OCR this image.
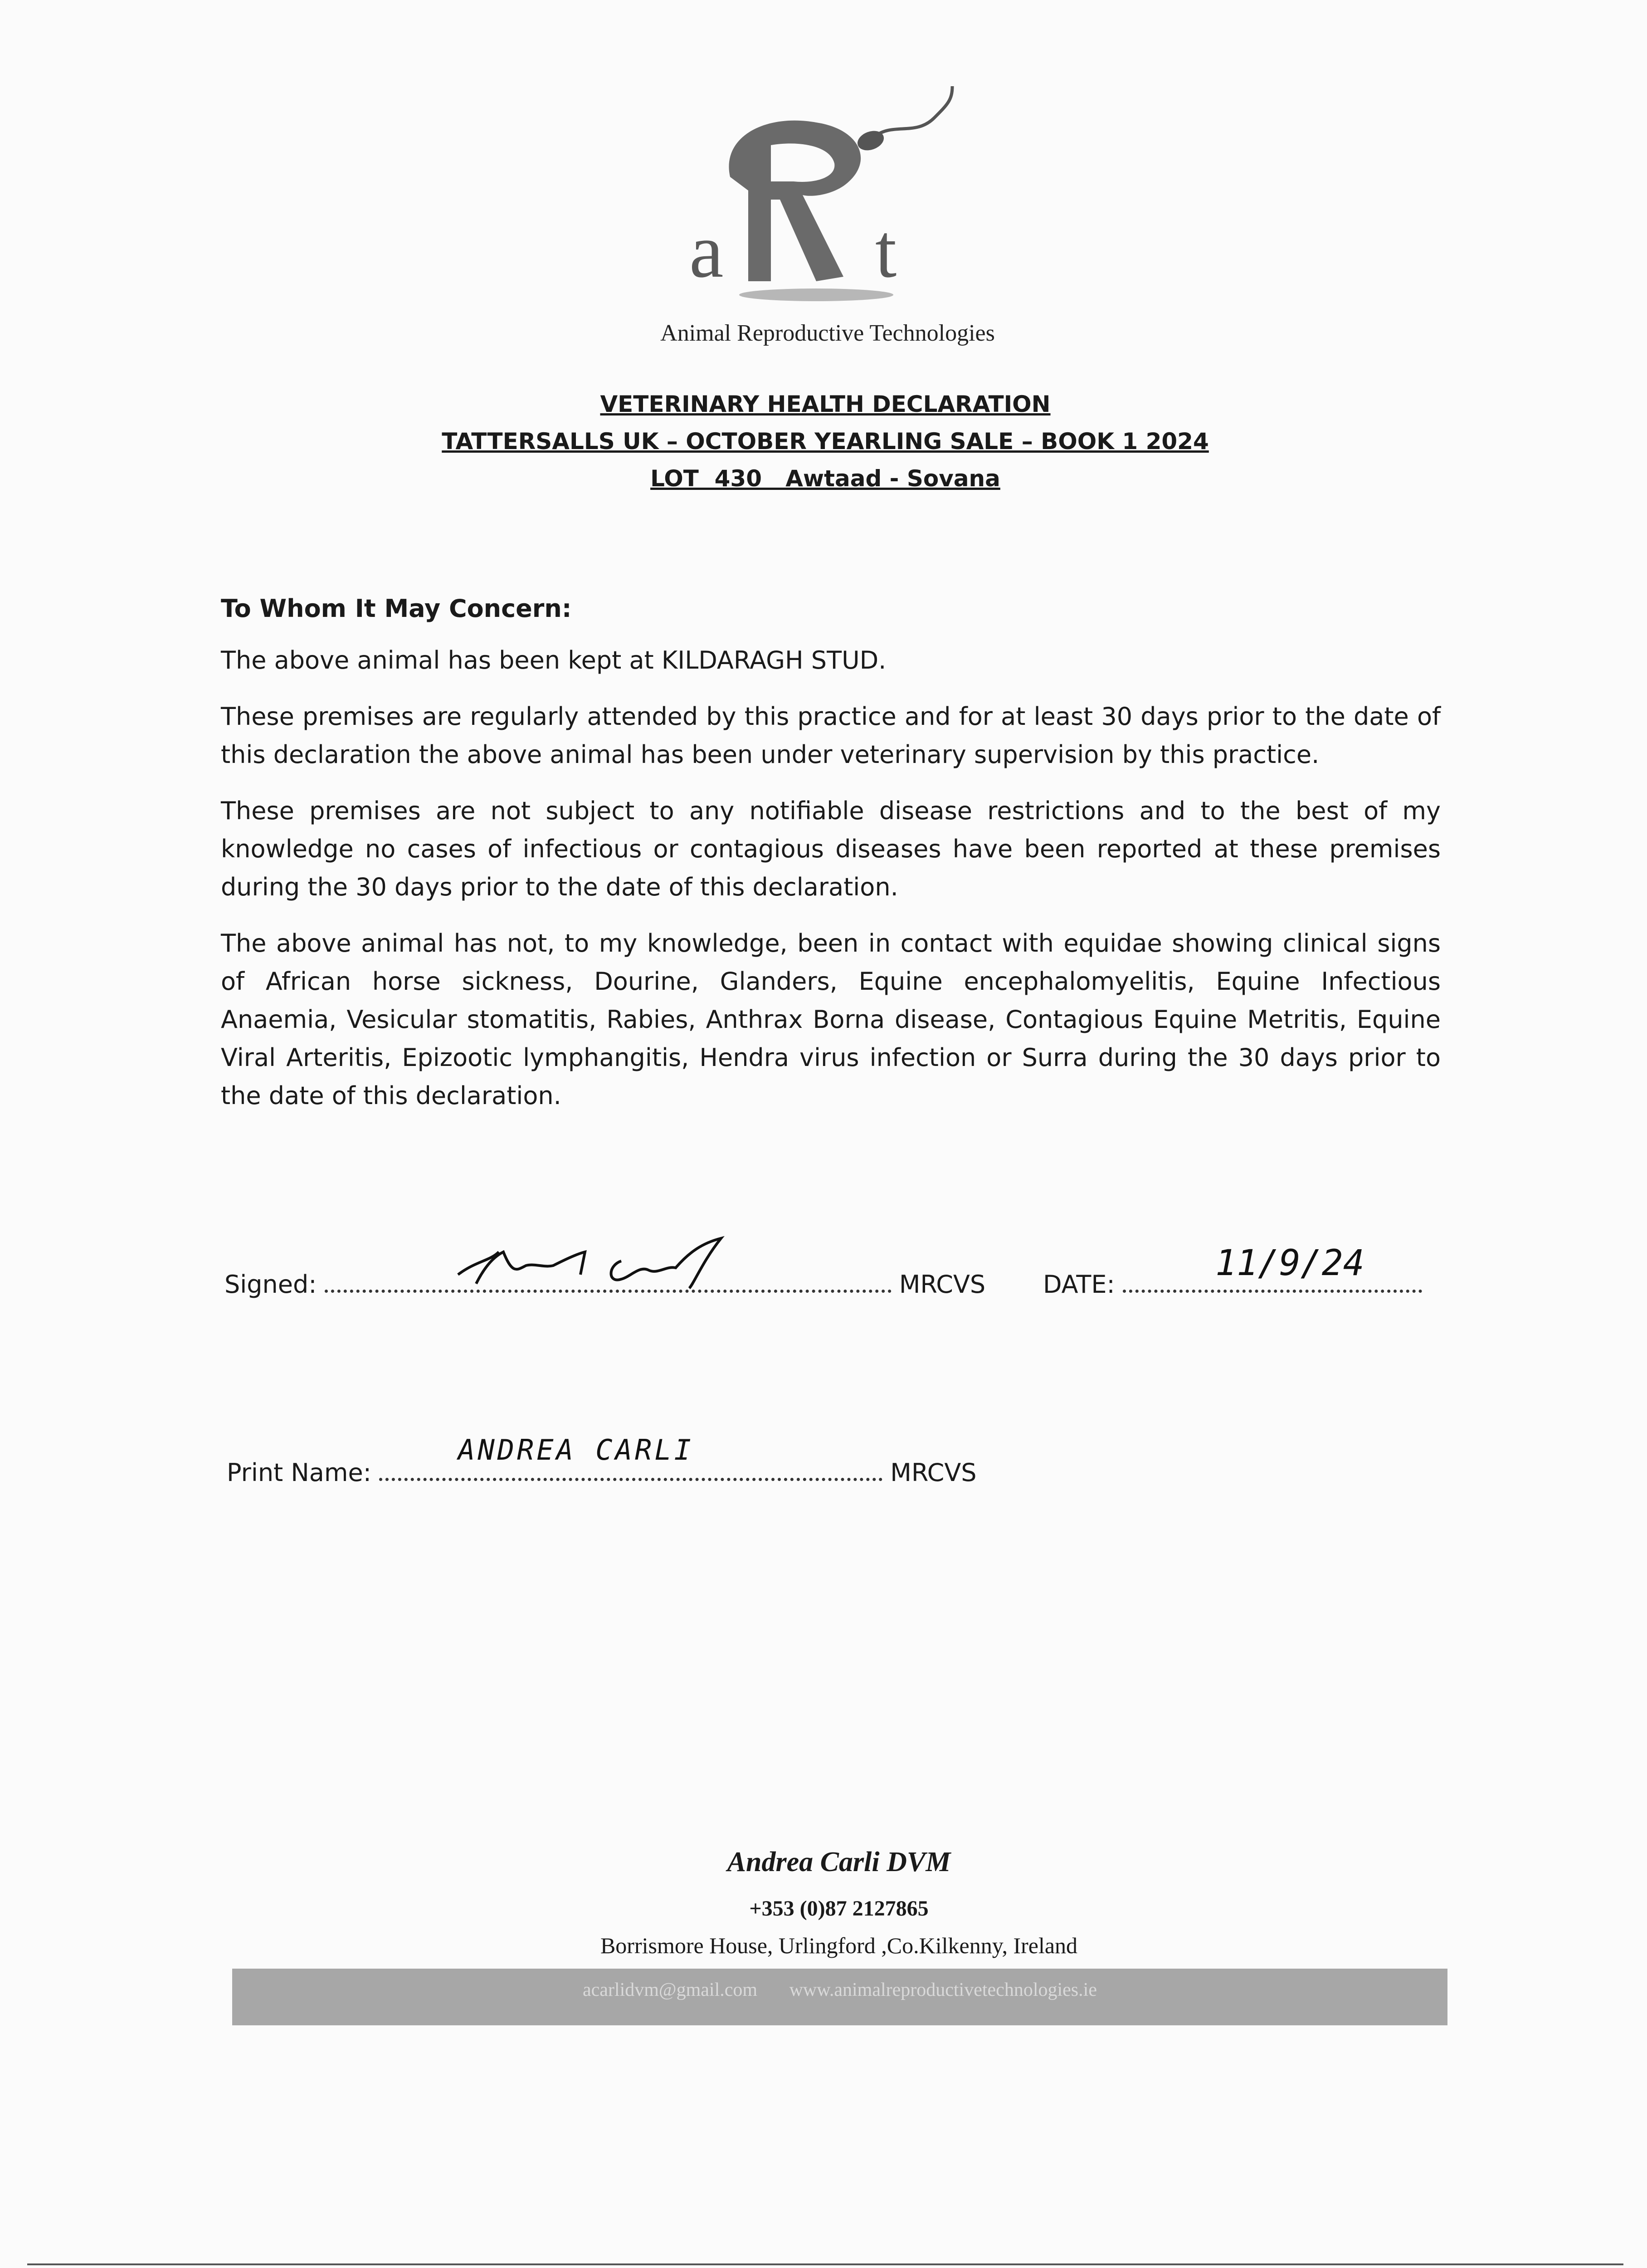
a t
Animal Reproductive Technologies
VETERINARY HEALTH DECLARATION
TATTERSALLS UK – OCTOBER YEARLING SALE – BOOK 1 2024
LOT  430   Awtaad - Sovana
To Whom It May Concern:

The above animal has been kept at KILDARAGH STUD.

These premises are regularly attended by this practice and for at least 30 days prior to the date of this declaration the above animal has been under veterinary supervision by this practice.

These premises are not subject to any notifiable disease restrictions and to the best of my knowledge no cases of infectious or contagious diseases have been reported at these premises during the 30 days prior to the date of this declaration.

The above animal has not, to my knowledge, been in contact with equidae showing clinical signs of African horse sickness, Dourine, Glanders, Equine encephalomyelitis, Equine Infectious Anaemia, Vesicular stomatitis, Rabies, Anthrax Borna disease, Contagious Equine Metritis, Equine Viral Arteritis, Epizootic lymphangitis, Hendra virus infection or Surra during the 30 days prior to the date of this declaration.

Signed:	MRCVS DATE:
11/9/24
Print Name:	MRCVS
ANDREA CARLI
Andrea Carli DVM
+353 (0)87 2127865
Borrismore House, Urlingford ,Co.Kilkenny, Ireland
acarlidvm@gmail.com www.animalreproductivetechnologies.ie
